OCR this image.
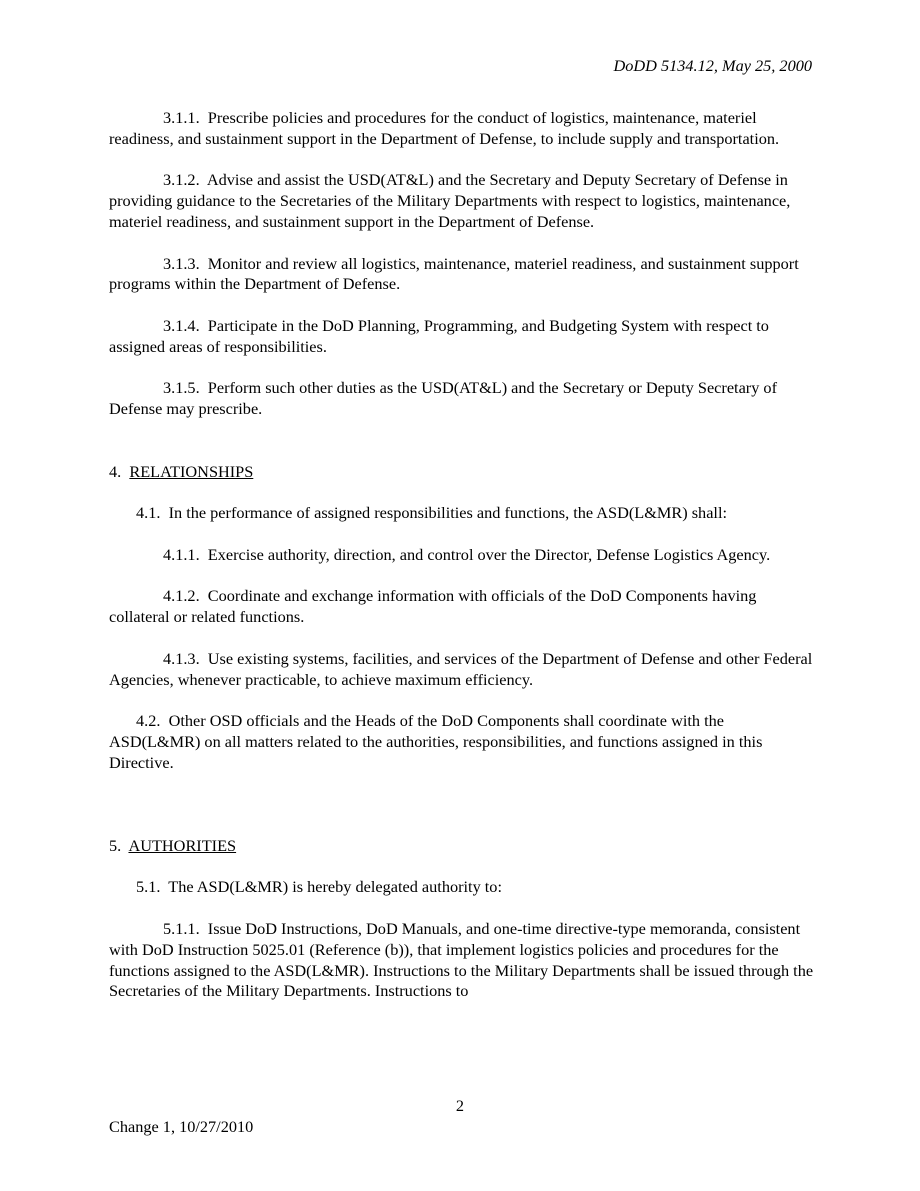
DoDD 5134.12, May 25, 2000

3.1.1. Prescribe policies and procedures for the conduct of logistics, maintenance, materiel readiness, and sustainment support in the Department of Defense, to include supply and transportation.

3.1.2. Advise and assist the USD(AT&L) and the Secretary and Deputy Secretary of Defense in providing guidance to the Secretaries of the Military Departments with respect to logistics, maintenance, materiel readiness, and sustainment support in the Department of Defense.

3.1.3. Monitor and review all logistics, maintenance, materiel readiness, and sustainment support programs within the Department of Defense.

3.1.4. Participate in the DoD Planning, Programming, and Budgeting System with respect to assigned areas of responsibilities.

3.1.5. Perform such other duties as the USD(AT&L) and the Secretary or Deputy Secretary of Defense may prescribe.

4. RELATIONSHIPS

4.1. In the performance of assigned responsibilities and functions, the ASD(L&MR) shall:

4.1.1. Exercise authority, direction, and control over the Director, Defense Logistics Agency.

4.1.2. Coordinate and exchange information with officials of the DoD Components having collateral or related functions.

4.1.3. Use existing systems, facilities, and services of the Department of Defense and other Federal Agencies, whenever practicable, to achieve maximum efficiency.

4.2. Other OSD officials and the Heads of the DoD Components shall coordinate with the ASD(L&MR) on all matters related to the authorities, responsibilities, and functions assigned in this Directive.

5. AUTHORITIES

5.1. The ASD(L&MR) is hereby delegated authority to:

5.1.1. Issue DoD Instructions, DoD Manuals, and one-time directive-type memoranda, consistent with DoD Instruction 5025.01 (Reference (b)), that implement logistics policies and procedures for the functions assigned to the ASD(L&MR). Instructions to the Military Departments shall be issued through the Secretaries of the Military Departments. Instructions to

2
Change 1, 10/27/2010
